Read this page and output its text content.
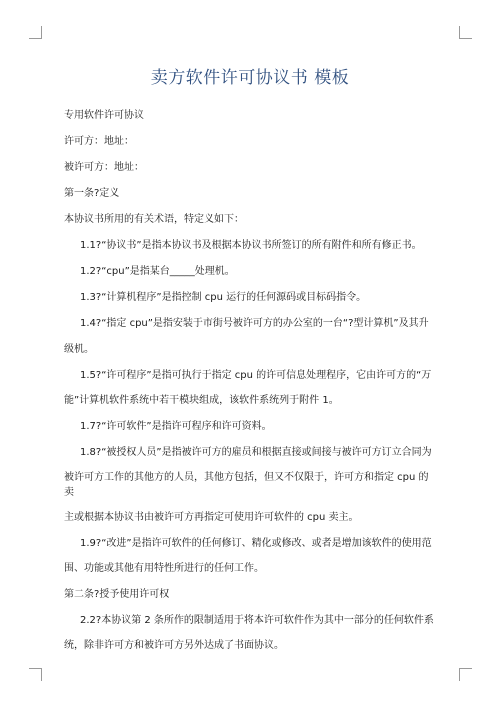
卖方软件许可协议书 模板
专用软件许可协议
许可方：地址：
被许可方：地址：
第一条?定义
本协议书所用的有关术语，特定义如下：
1.1?“协议书”是指本协议书及根据本协议书所签订的所有附件和所有修正书。
1.2?“cpu”是指某台_____处理机。
1.3?“计算机程序”是指控制 cpu 运行的任何源码或目标码指令。
1.4?“指定 cpu”是指安装于市街号被许可方的办公室的一台“?型计算机”及其升
级机。
1.5?“许可程序”是指可执行于指定 cpu 的许可信息处理程序，它由许可方的“万
能”计算机软件系统中若干模块组成，该软件系统列于附件 1。
1.7?“许可软件”是指许可程序和许可资料。
1.8?“被授权人员”是指被许可方的雇员和根据直接或间接与被许可方订立合同为
被许可方工作的其他方的人员，其他方包括，但又不仅限于，许可方和指定 cpu 的卖
主或根据本协议书由被许可方再指定可使用许可软件的 cpu 卖主。
1.9?“改进”是指许可软件的任何修订、精化或修改、或者是增加该软件的使用范
围、功能或其他有用特性所进行的任何工作。
第二条?授予使用许可权
2.2?本协议第 2 条所作的限制适用于将本许可软件作为其中一部分的任何软件系
统，除非许可方和被许可方另外达成了书面协议。
